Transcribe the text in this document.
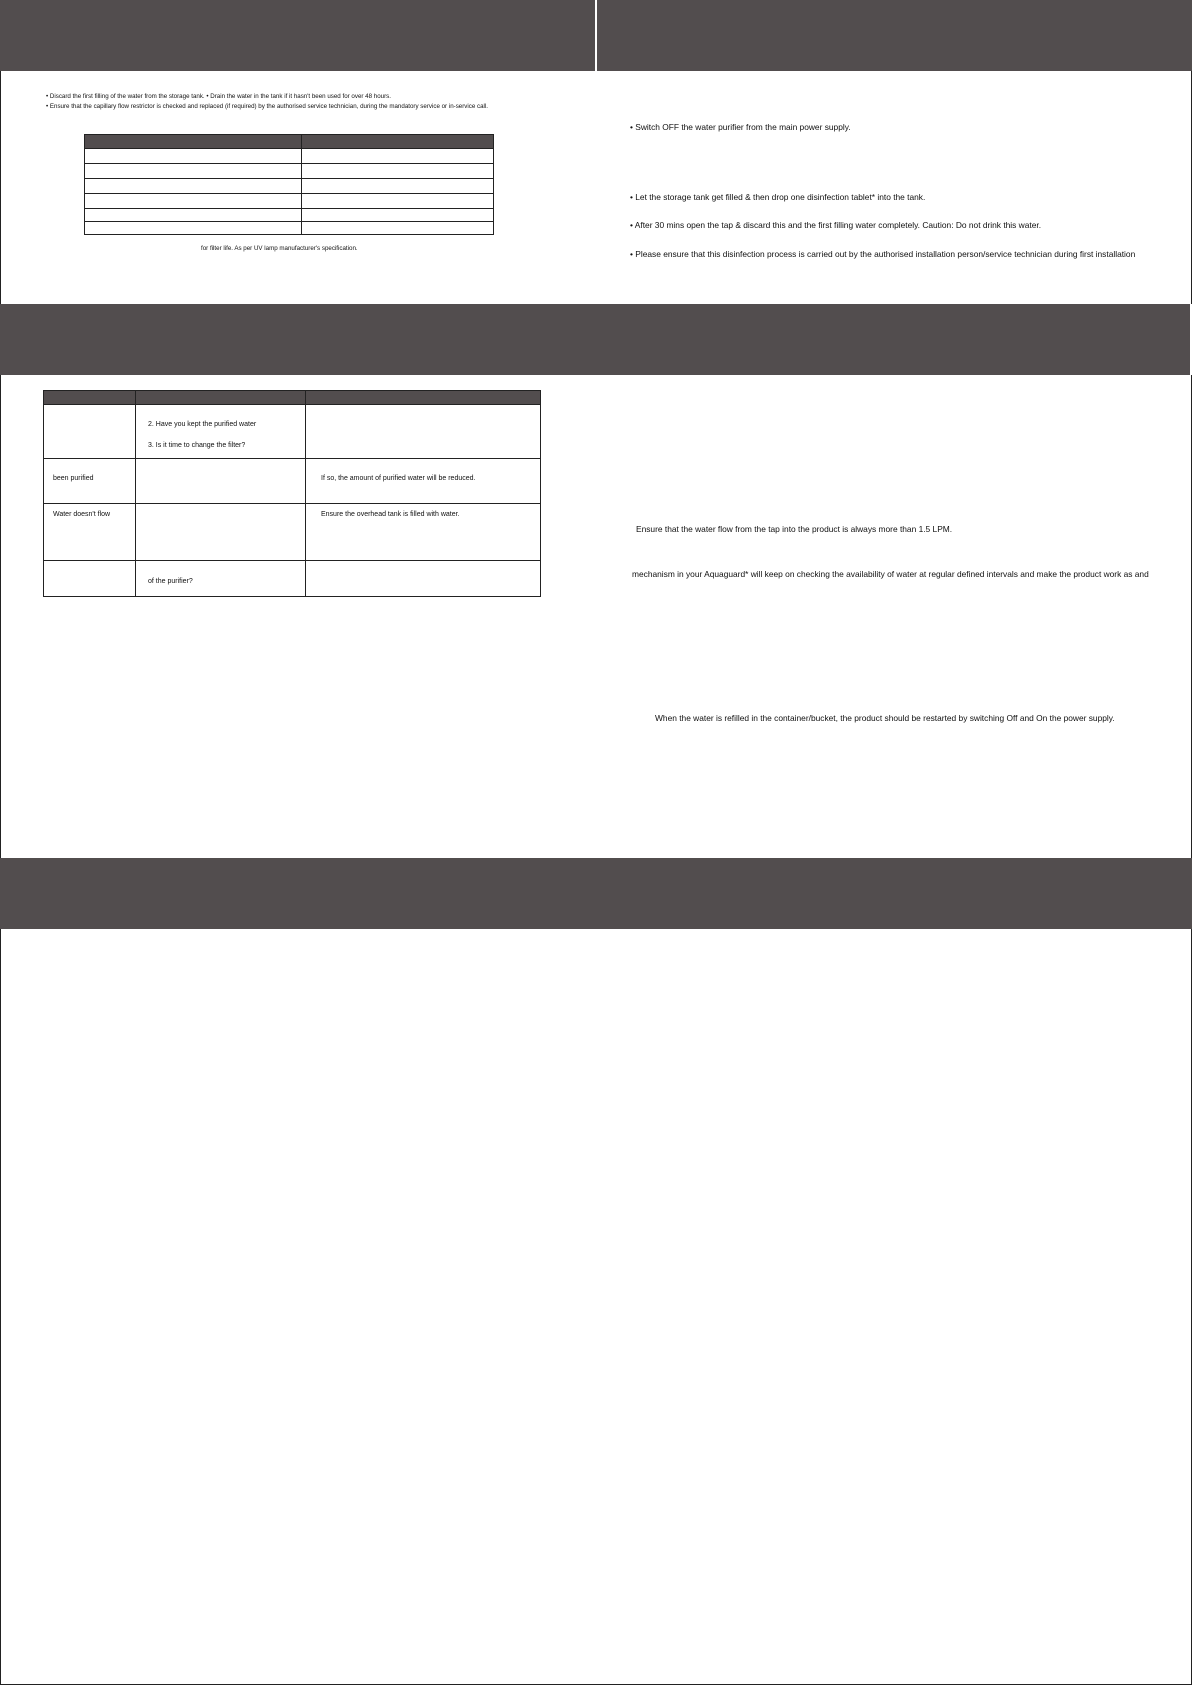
• Discard the first filling of the water from the storage tank. • Drain the water in the tank if it hasn't been used for over 48 hours.
• Ensure that the capillary flow restrictor is checked and replaced (if required) by the authorised service technician, during the mandatory service or in-service call.

for filter life. As per UV lamp manufacturer's specification.
• Switch OFF the water purifier from the main power supply.
• Let the storage tank get filled & then drop one disinfection tablet* into the tank.
• After 30 mins open the tap & discard this and the first filling water completely. Caution: Do not drink this water.
• Please ensure that this disinfection process is carried out by the authorised installation person/service technician during first installation

	2. Have you kept the purified water
3. Is it time to change the filter?	

been purified		If so, the amount of purified water will be reduced.

Water doesn't flow		Ensure the overhead tank is filled with water.

	of the purifier?	

Ensure that the water flow from the tap into the product is always more than 1.5 LPM.
mechanism in your Aquaguard* will keep on checking the availability of water at regular defined intervals and make the product work as and
When the water is refilled in the container/bucket, the product should be restarted by switching Off and On the power supply.
